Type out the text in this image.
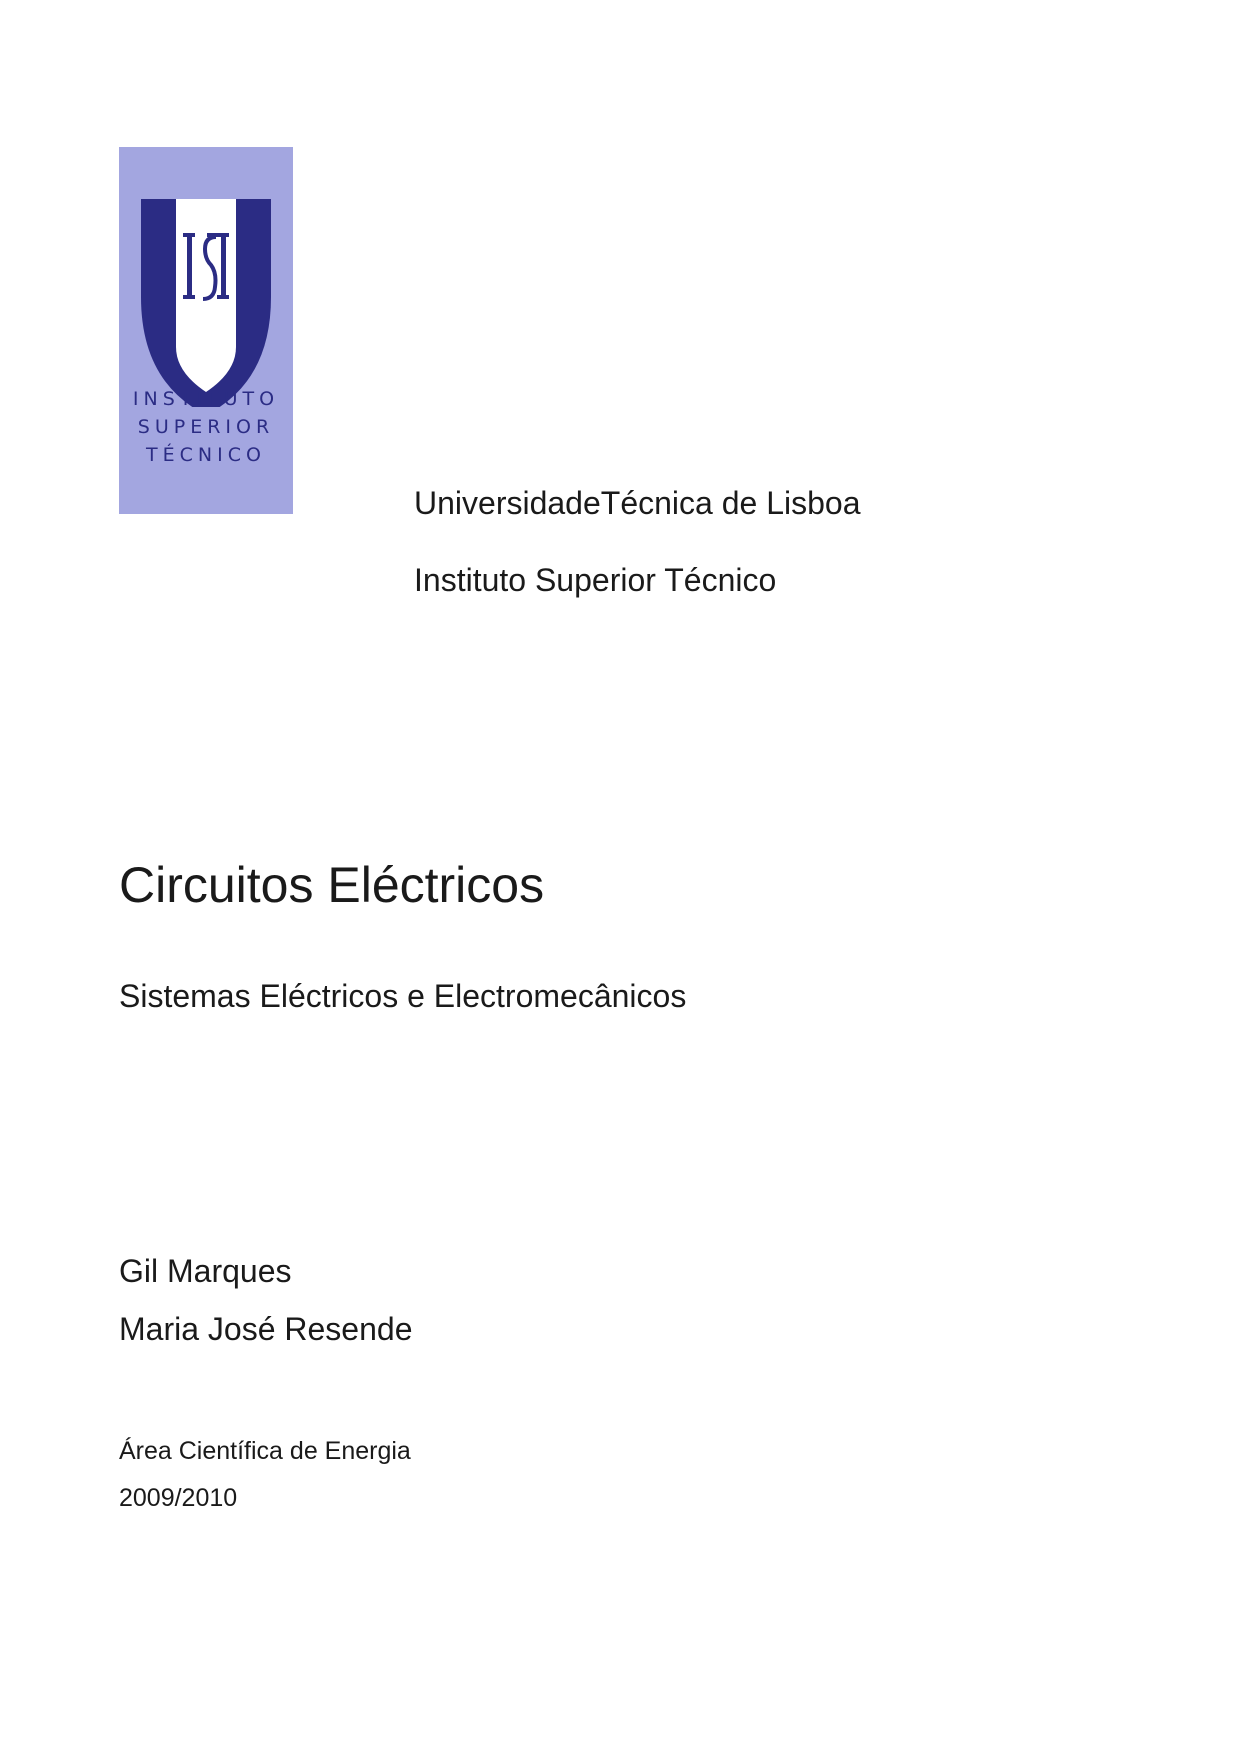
INSTITUTO
SUPERIOR
TÉCNICO
UniversidadeTécnica de Lisboa
Instituto Superior Técnico
Circuitos Eléctricos
Sistemas Eléctricos e Electromecânicos
Gil Marques
Maria José Resende
Área Científica de Energia
2009/2010
